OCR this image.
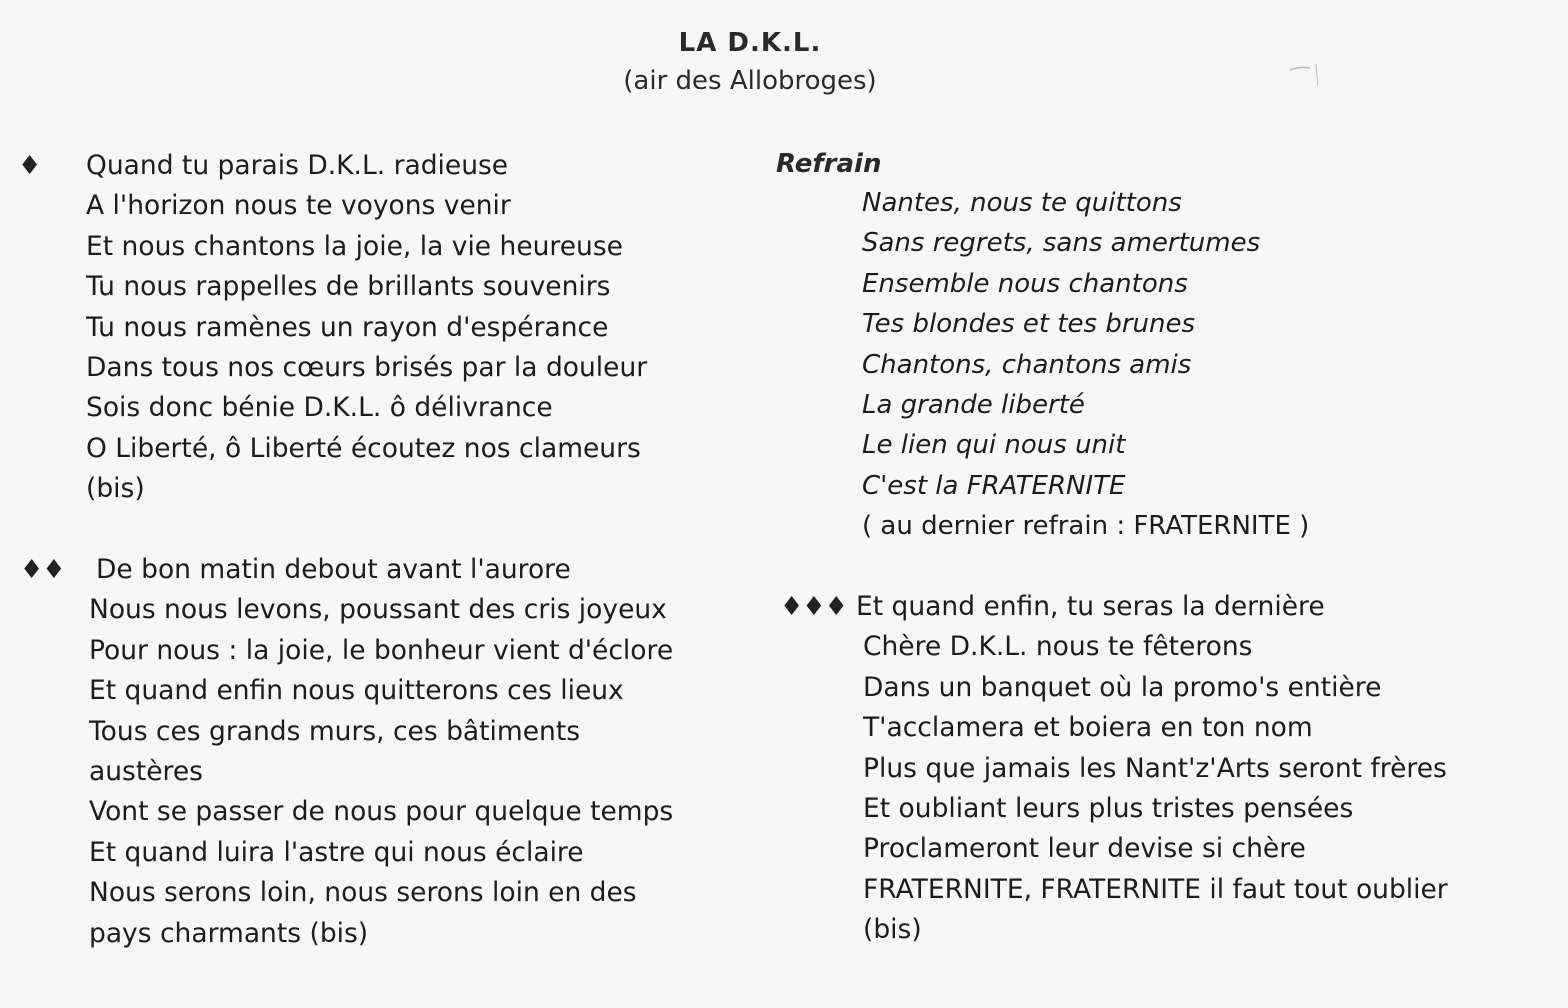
LA D.K.L.
(air des Allobroges)
♦ Quand tu parais D.K.L. radieuse
A l'horizon nous te voyons venir
Et nous chantons la joie, la vie heureuse
Tu nous rappelles de brillants souvenirs
Tu nous ramènes un rayon d'espérance
Dans tous nos cœurs brisés par la douleur
Sois donc bénie D.K.L. ô délivrance
O Liberté, ô Liberté écoutez nos clameurs
(bis)
♦♦ De bon matin debout avant l'aurore
Nous nous levons, poussant des cris joyeux
Pour nous : la joie, le bonheur vient d'éclore
Et quand enfin nous quitterons ces lieux
Tous ces grands murs, ces bâtiments
austères
Vont se passer de nous pour quelque temps
Et quand luira l'astre qui nous éclaire
Nous serons loin, nous serons loin en des
pays charmants (bis)
Refrain
Nantes, nous te quittons
Sans regrets, sans amertumes
Ensemble nous chantons
Tes blondes et tes brunes
Chantons, chantons amis
La grande liberté
Le lien qui nous unit
C'est la FRATERNITE
( au dernier refrain : FRATERNITE )
♦♦♦ Et quand enfin, tu seras la dernière
Chère D.K.L. nous te fêterons
Dans un banquet où la promo's entière
T'acclamera et boiera en ton nom
Plus que jamais les Nant'z'Arts seront frères
Et oubliant leurs plus tristes pensées
Proclameront leur devise si chère
FRATERNITE, FRATERNITE il faut tout oublier
(bis)
